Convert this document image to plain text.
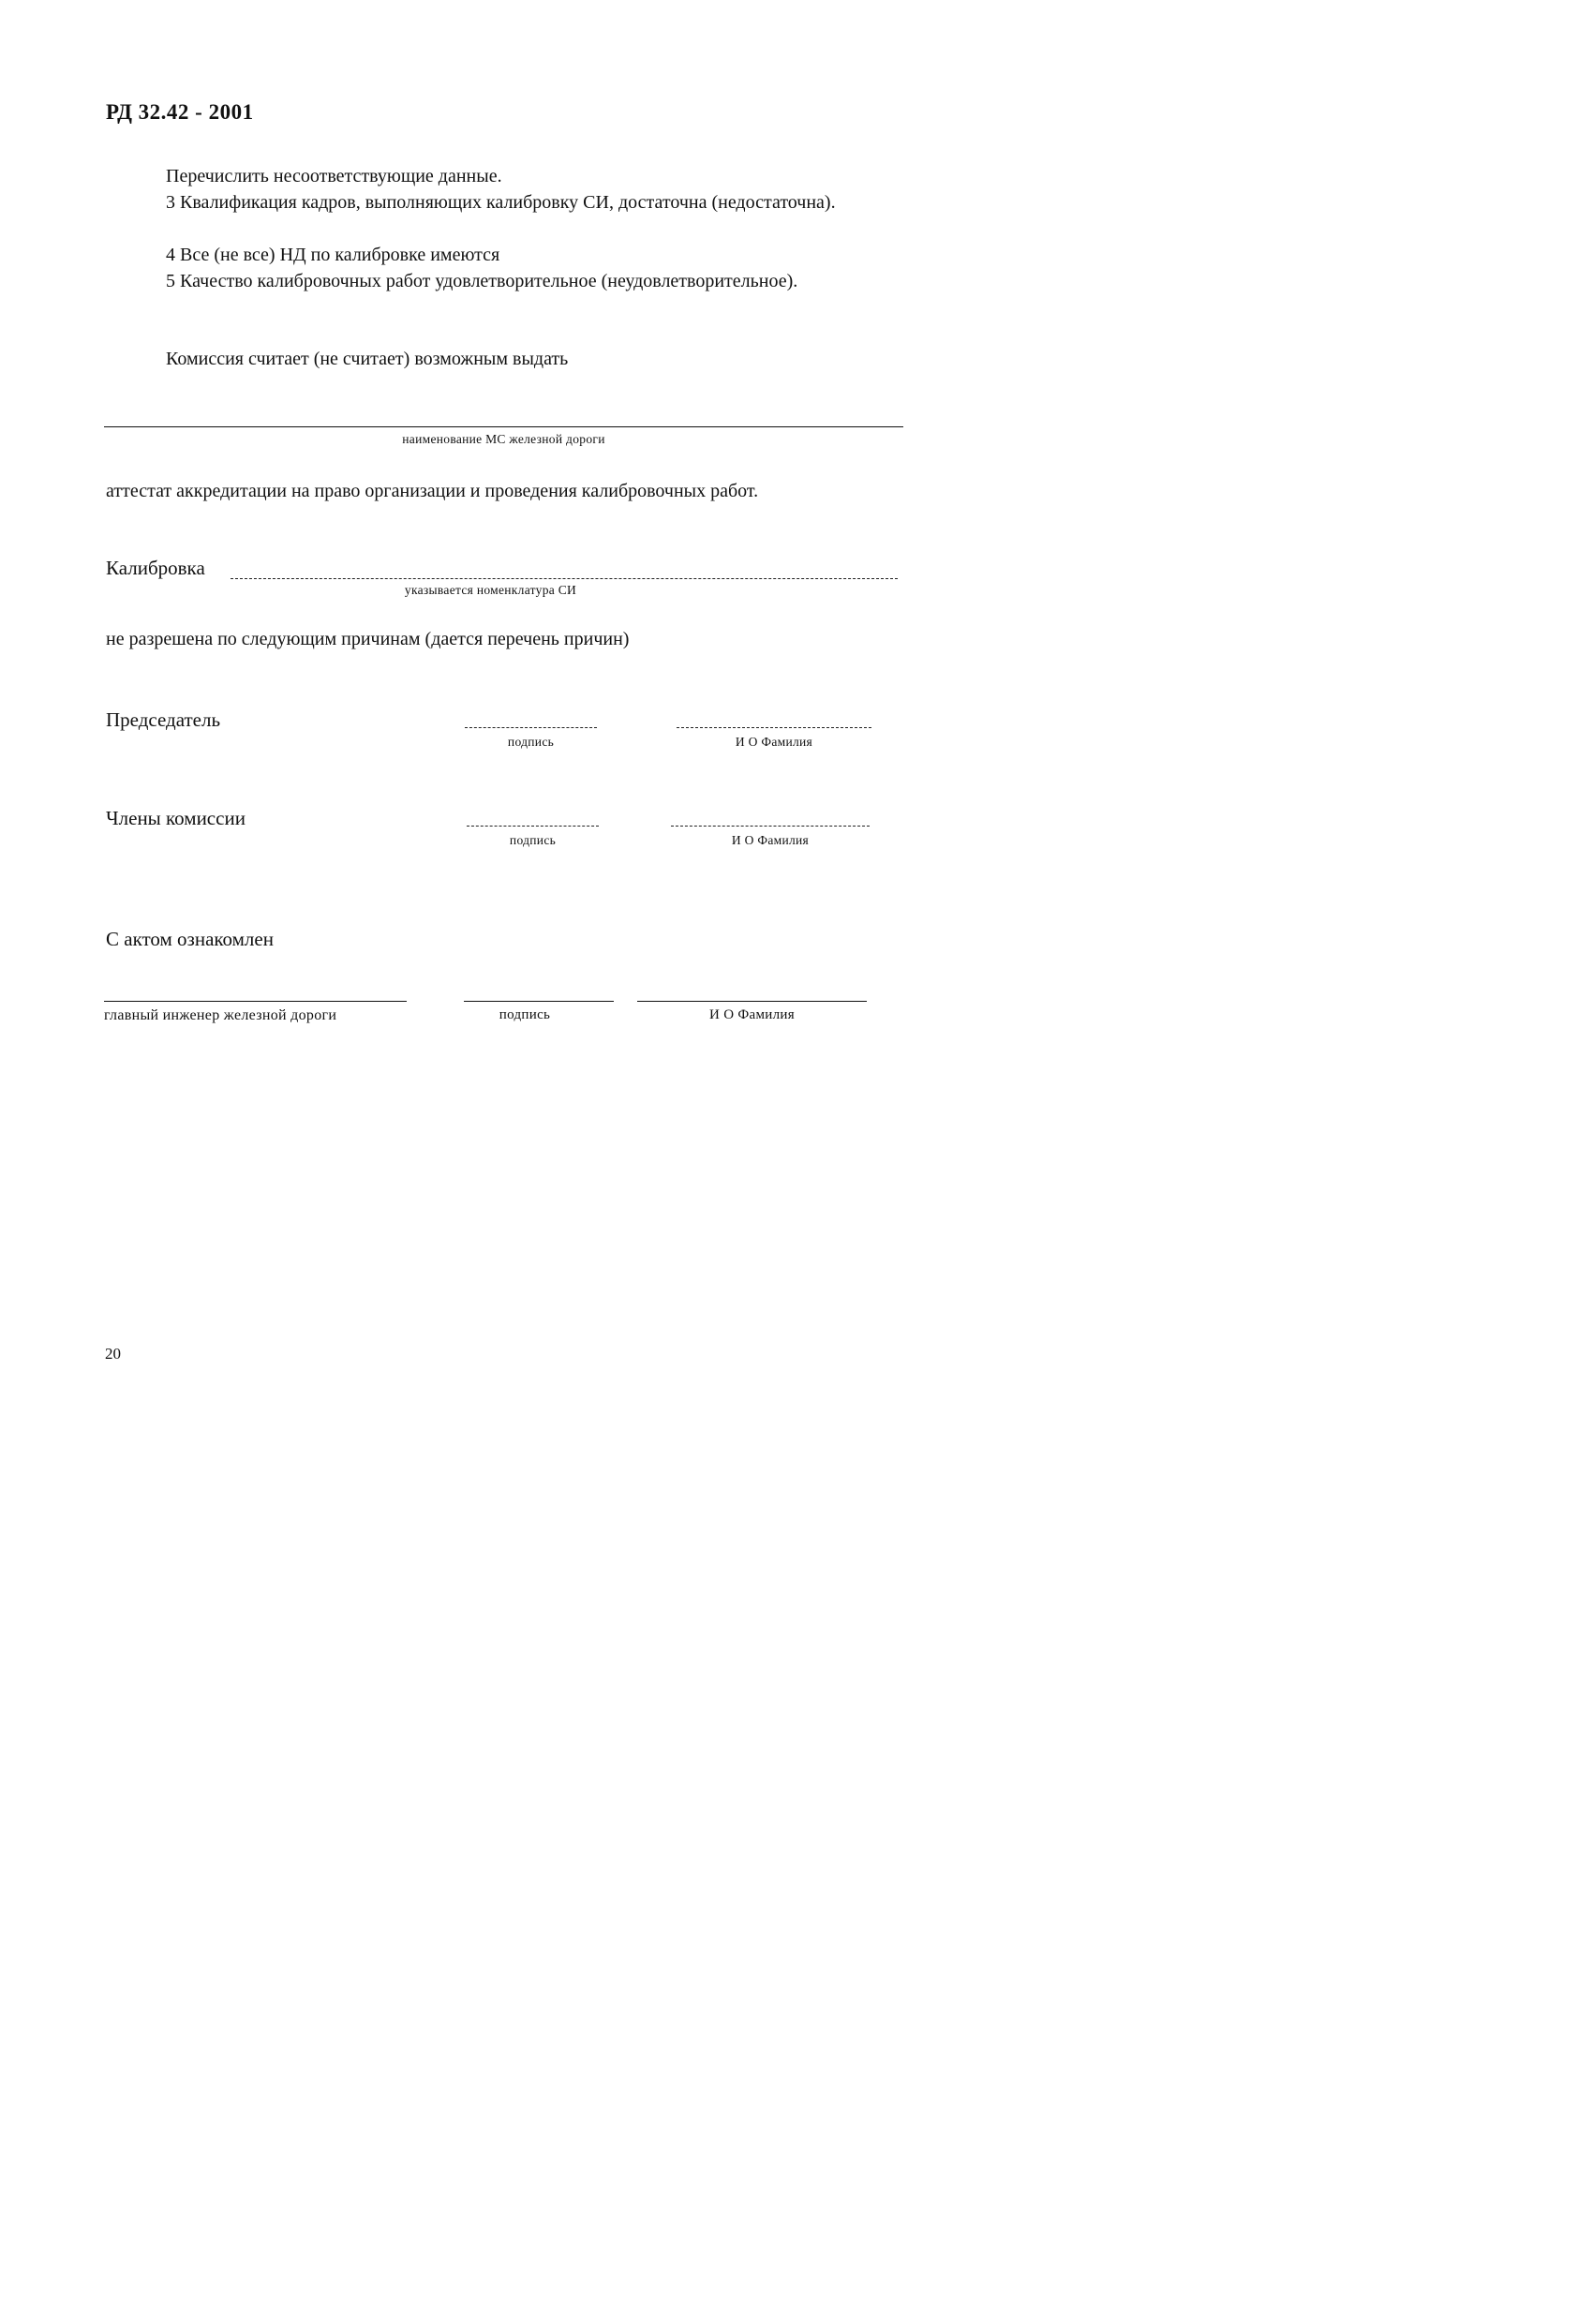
РД 32.42 - 2001
Перечислить несоответствующие данные.
3 Квалификация кадров, выполняющих калибровку СИ, достаточна (недостаточна).
4 Все (не все) НД по калибровке имеются
5 Качество калибровочных работ удовлетворительное (неудовлетворительное).
Комиссия считает (не считает) возможным выдать
наименование МС железной дороги
аттестат аккредитации на право организации и проведения калибровочных работ.
Калибровка
указывается номенклатура СИ
не разрешена по следующим причинам (дается перечень причин)
Председатель
подпись	И О Фамилия
Члены комиссии
подпись	И О Фамилия
С актом ознакомлен
главный инженер железной дороги	подпись	И О Фамилия
20
